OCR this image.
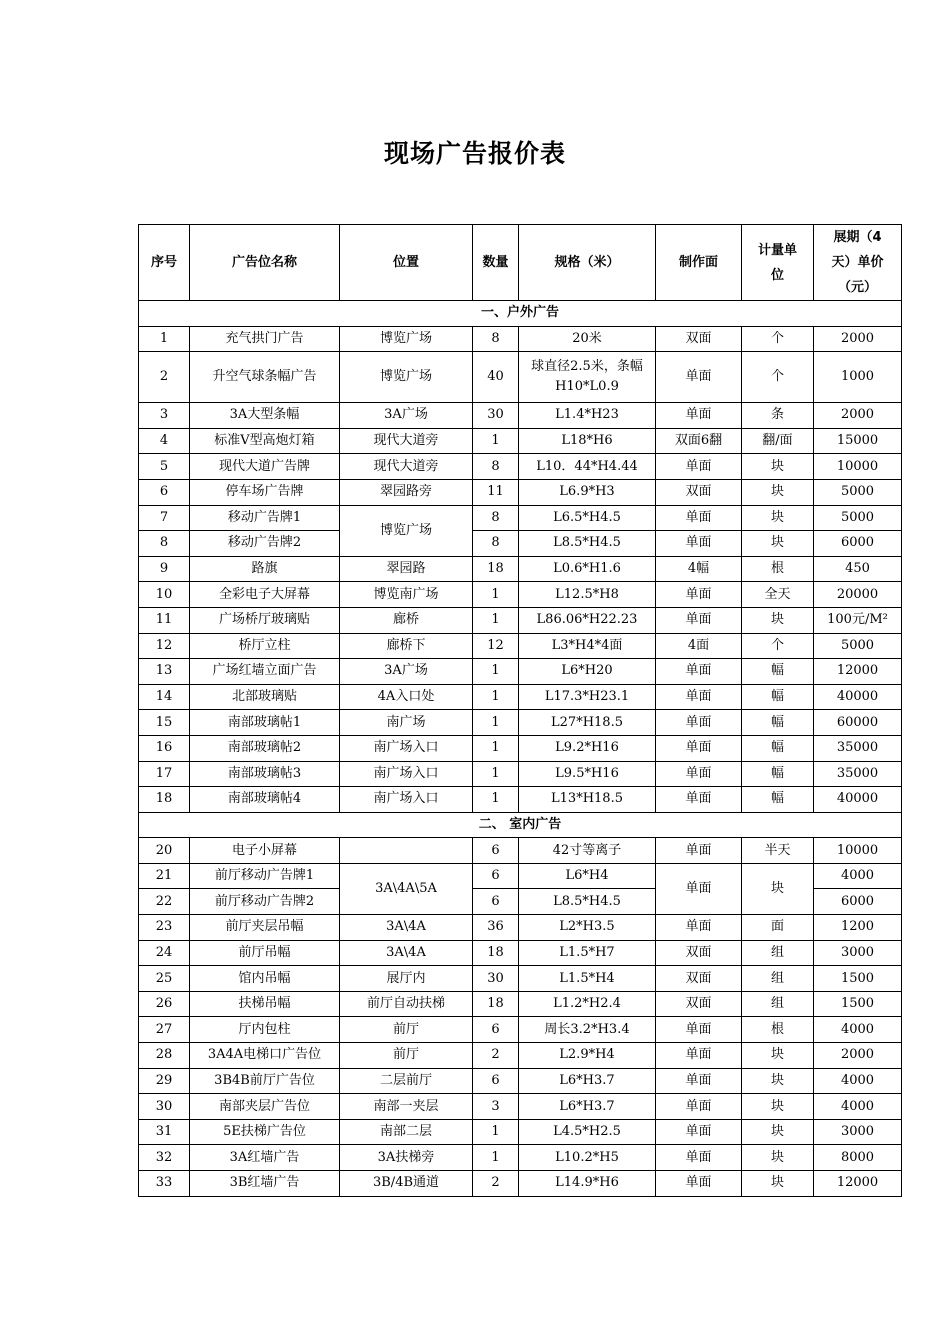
现场广告报价表
序号	广告位名称	位置	数量	规格（米）	制作面	计量单位	展期（4天）单价（元）
一、户外广告							
1	充气拱门广告	博览广场	8	20米	双面	个	2000
2	升空气球条幅广告	博览广场	40	球直径2.5米，条幅H10*L0.9	单面	个	1000
3	3A大型条幅	3A广场	30	L1.4*H23	单面	条	2000
4	标准V型高炮灯箱	现代大道旁	1	L18*H6	双面6翻	翻/面	15000
5	现代大道广告牌	现代大道旁	8	L10．44*H4.44	单面	块	10000
6	停车场广告牌	翠园路旁	11	L6.9*H3	双面	块	5000
7	移动广告牌1	博览广场	8	L6.5*H4.5	单面	块	5000
8	移动广告牌2		8	L8.5*H4.5	单面	块	6000
9	路旗	翠园路	18	L0.6*H1.6	4幅	根	450
10	全彩电子大屏幕	博览南广场	1	L12.5*H8	单面	全天	20000
11	广场桥厅玻璃贴	廊桥	1	L86.06*H22.23	单面	块	100元/M²
12	桥厅立柱	廊桥下	12	L3*H4*4面	4面	个	5000
13	广场红墙立面广告	3A广场	1	L6*H20	单面	幅	12000
14	北部玻璃贴	4A入口处	1	L17.3*H23.1	单面	幅	40000
15	南部玻璃帖1	南广场	1	L27*H18.5	单面	幅	60000
16	南部玻璃帖2	南广场入口	1	L9.2*H16	单面	幅	35000
17	南部玻璃帖3	南广场入口	1	L9.5*H16	单面	幅	35000
18	南部玻璃帖4	南广场入口	1	L13*H18.5	单面	幅	40000
二、 室内广告							
20	电子小屏幕		6	42寸等离子	单面	半天	10000
21	前厅移动广告牌1	3A\4A\5A	6	L6*H4	单面	块	4000
22	前厅移动广告牌2		6	L8.5*H4.5			6000
23	前厅夹层吊幅	3A\4A	36	L2*H3.5	单面	面	1200
24	前厅吊幅	3A\4A	18	L1.5*H7	双面	组	3000
25	馆内吊幅	展厅内	30	L1.5*H4	双面	组	1500
26	扶梯吊幅	前厅自动扶梯	18	L1.2*H2.4	双面	组	1500
27	厅内包柱	前厅	6	周长3.2*H3.4	单面	根	4000
28	3A4A电梯口广告位	前厅	2	L2.9*H4	单面	块	2000
29	3B4B前厅广告位	二层前厅	6	L6*H3.7	单面	块	4000
30	南部夹层广告位	南部一夹层	3	L6*H3.7	单面	块	4000
31	5E扶梯广告位	南部二层	1	L4.5*H2.5	单面	块	3000
32	3A红墙广告	3A扶梯旁	1	L10.2*H5	单面	块	8000
33	3B红墙广告	3B/4B通道	2	L14.9*H6	单面	块	12000
